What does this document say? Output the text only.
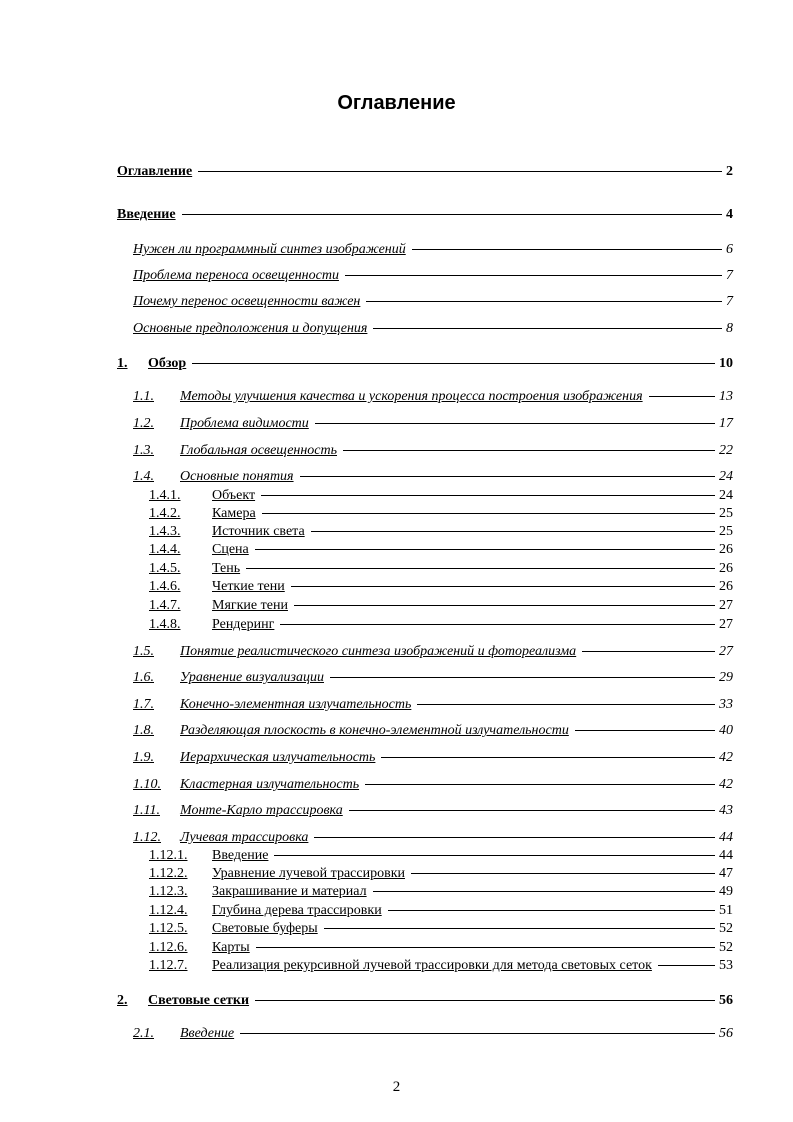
Оглавление
Оглавление	2
Введение	4
Нужен ли программный синтез изображений	6
Проблема переноса освещенности	7
Почему перенос освещенности важен	7
Основные предположения и допущения	8
1.	Обзор	10
1.1.	Методы улучшения качества и ускорения процесса построения изображения	13
1.2.	Проблема видимости	17
1.3.	Глобальная освещенность	22
1.4.	Основные понятия	24
1.4.1.	Объект	24
1.4.2.	Камера	25
1.4.3.	Источник света	25
1.4.4.	Сцена	26
1.4.5.	Тень	26
1.4.6.	Четкие тени	26
1.4.7.	Мягкие тени	27
1.4.8.	Рендеринг	27
1.5.	Понятие реалистического синтеза изображений и фотореализма	27
1.6.	Уравнение визуализации	29
1.7.	Конечно-элементная излучательность	33
1.8.	Разделяющая плоскость в конечно-элементной излучательности	40
1.9.	Иерархическая излучательность	42
1.10.	Кластерная излучательность	42
1.11.	Монте-Карло трассировка	43
1.12.	Лучевая трассировка	44
1.12.1.	Введение	44
1.12.2.	Уравнение лучевой трассировки	47
1.12.3.	Закрашивание и материал	49
1.12.4.	Глубина дерева трассировки	51
1.12.5.	Световые буферы	52
1.12.6.	Карты	52
1.12.7.	Реализация рекурсивной лучевой трассировки для метода световых сеток	53
2.	Световые сетки	56
2.1.	Введение	56
2
